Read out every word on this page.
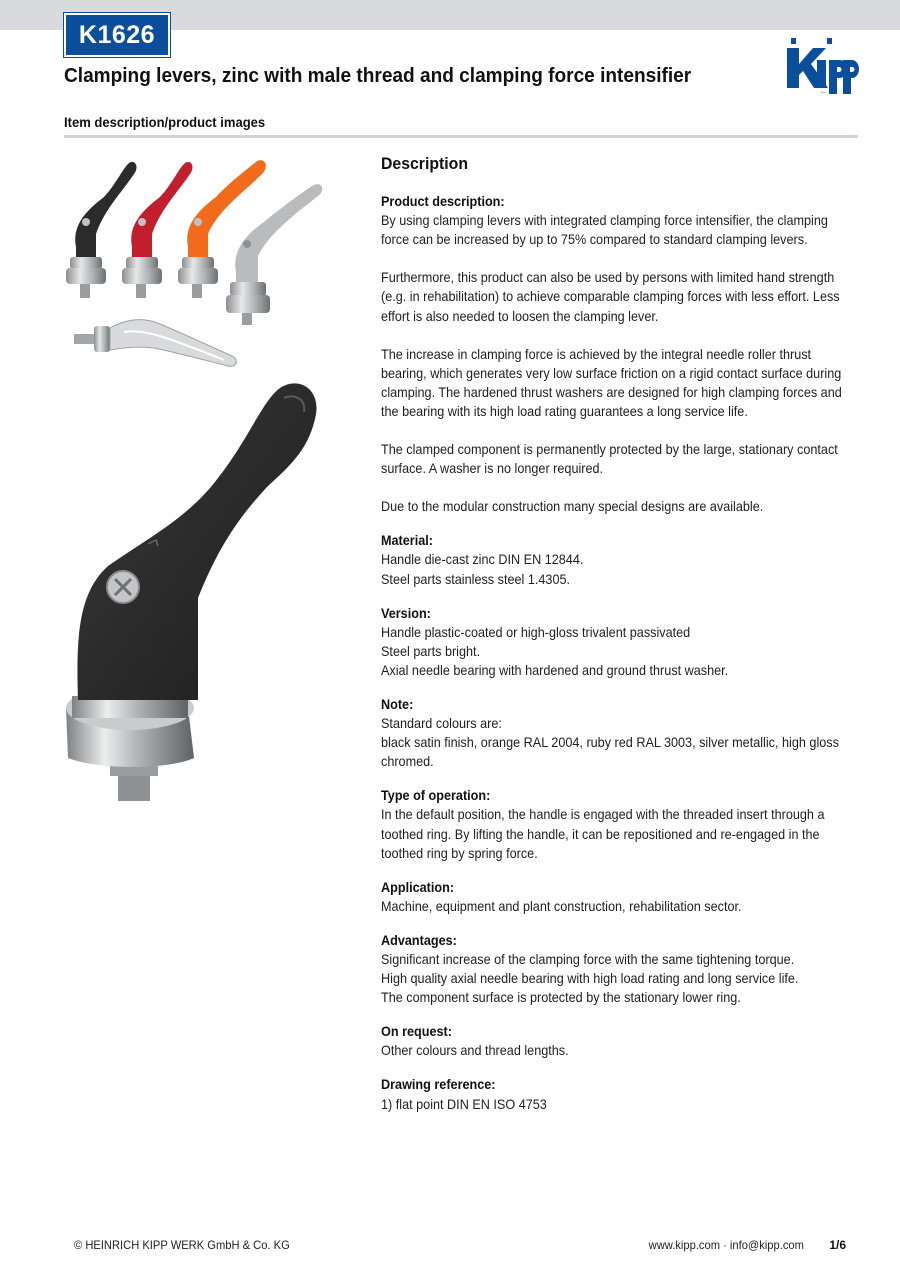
K1626
Clamping levers, zinc with male thread and clamping force intensifier
Kipp
Item description/product images
Description

Product description:

By using clamping levers with integrated clamping force intensifier, the clamping force can be increased by up to 75% compared to standard clamping levers.

Furthermore, this product can also be used by persons with limited hand strength (e.g. in rehabilitation) to achieve comparable clamping forces with less effort. Less effort is also needed to loosen the clamping lever.

The increase in clamping force is achieved by the integral needle roller thrust bearing, which generates very low surface friction on a rigid contact surface during clamping. The hardened thrust washers are designed for high clamping forces and the bearing with its high load rating guarantees a long service life.

The clamped component is permanently protected by the large, stationary contact surface. A washer is no longer required.

Due to the modular construction many special designs are available.

Material:

Handle die-cast zinc DIN EN 12844.

Steel parts stainless steel 1.4305.

Version:

Handle plastic-coated or high-gloss trivalent passivated

Steel parts bright.

Axial needle bearing with hardened and ground thrust washer.

Note:

Standard colours are:

black satin finish, orange RAL 2004, ruby red RAL 3003, silver metallic, high gloss chromed.

Type of operation:

In the default position, the handle is engaged with the threaded insert through a toothed ring. By lifting the handle, it can be repositioned and re-engaged in the toothed ring by spring force.

Application:

Machine, equipment and plant construction, rehabilitation sector.

Advantages:

Significant increase of the clamping force with the same tightening torque.

High quality axial needle bearing with high load rating and long service life.

The component surface is protected by the stationary lower ring.

On request:

Other colours and thread lengths.

Drawing reference:

1) flat point DIN EN ISO 4753

© HEINRICH KIPP WERK GmbH & Co. KG	www.kipp.com · info@kipp.com 1/6
